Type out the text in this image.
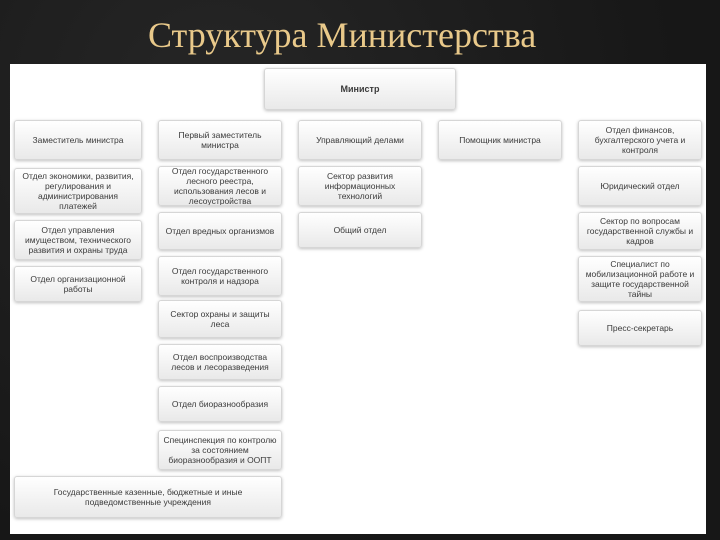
Структура Министерства
Министр
Заместитель министра
Отдел экономики, развития, регулирования и администрирования платежей
Отдел управления имуществом, технического развития и охраны труда
Отдел организационной работы
Первый заместитель министра
Отдел государственного лесного реестра, использования лесов и лесоустройства
Отдел вредных организмов
Отдел государственного контроля и надзора
Сектор охраны и защиты леса
Отдел воспроизводства лесов и лесоразведения
Отдел биоразнообразия
Специнспекция по контролю за состоянием биоразнообразия и ООПТ
Управляющий делами
Сектор развития информационных технологий
Общий отдел
Помощник министра
Отдел финансов, бухгалтерского учета и контроля
Юридический отдел
Сектор по вопросам государственной службы и кадров
Специалист по мобилизационной работе и защите государственной тайны
Пресс-секретарь
Государственные казенные, бюджетные и иные подведомственные учреждения
